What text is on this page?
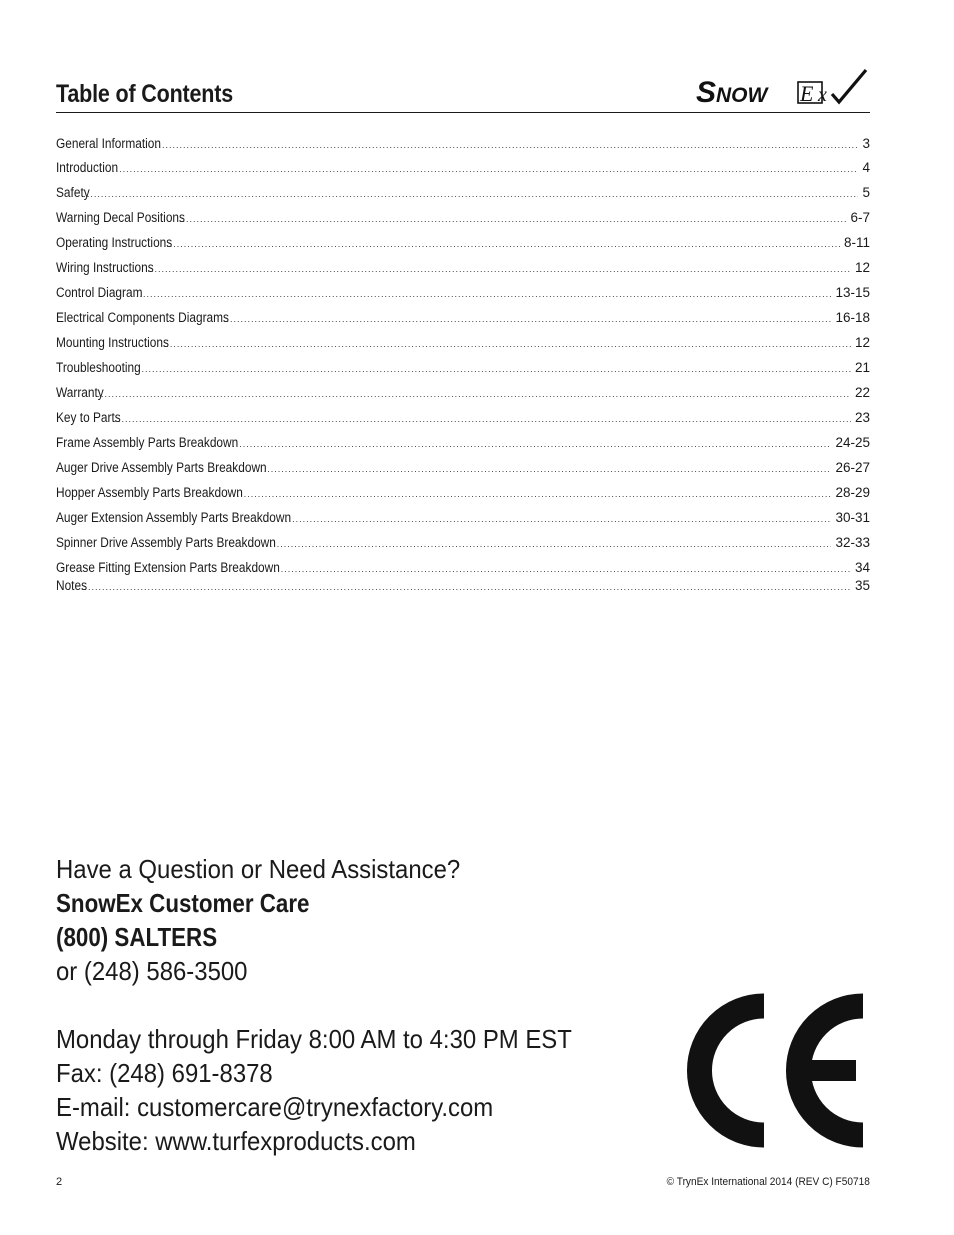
Table of Contents	S NOW E x
General Information .....	3
Introduction .....	4
Safety .....	5
Warning Decal Positions .....	6-7
Operating Instructions .....	8-11
Wiring Instructions .....	12
Control Diagram .....	13-15
Electrical Components Diagrams .....	16-18
Mounting Instructions .....	12
Troubleshooting .....	21
Warranty .....	22
Key to Parts .....	23
Frame Assembly Parts Breakdown .....	24-25
Auger Drive Assembly Parts Breakdown .....	26-27
Hopper Assembly Parts Breakdown .....	28-29
Auger Extension Assembly Parts Breakdown .....	30-31
Spinner Drive Assembly Parts Breakdown .....	32-33
Grease Fitting Extension Parts Breakdown .....	34
Notes .....	35
Have a Question or Need Assistance?
SnowEx Customer Care
(800) SALTERS
or (248) 586-3500
Monday through Friday 8:00 AM to 4:30 PM EST
Fax: (248) 691-8378
E-mail: customercare@trynexfactory.com
Website: www.turfexproducts.com
2	© TrynEx International 2014 (REV C) F50718
